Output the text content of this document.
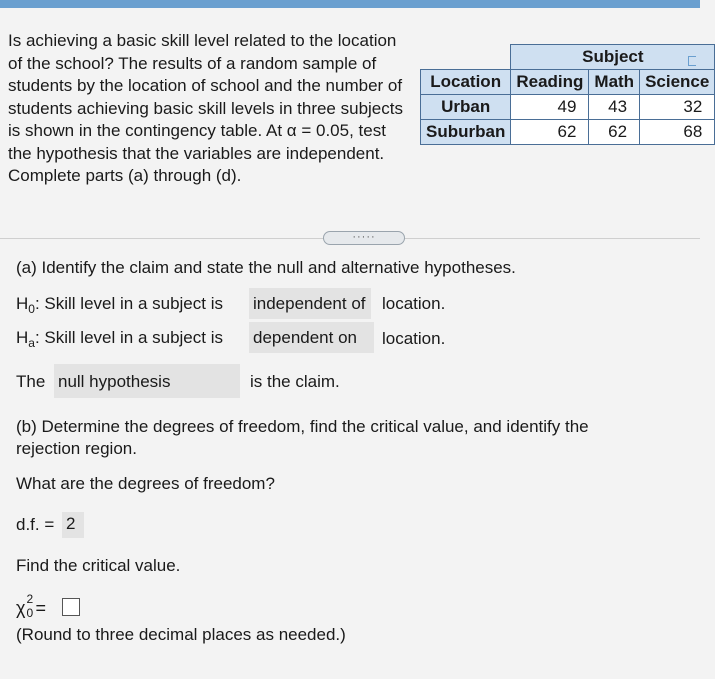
Is achieving a basic skill level related to the location of the school? The results of a random sample of students by the location of school and the number of students achieving basic skill levels in three subjects is shown in the contingency table. At α = 0.05, test the hypothesis that the variables are independent. Complete parts (a) through (d).

	Subject		
Location	Reading	Math	Science
Urban	49	43	32
Suburban	62	62	68
·····

(a) Identify the claim and state the null and alternative hypotheses.

$H_0$: Skill level in a subject is independent of location.

$H_a$: Skill level in a subject is dependent on	location.

The null hypothesis	is the claim.

(b) Determine the degrees of freedom, find the critical value, and identify the rejection region.

What are the degrees of freedom?

d.f. = 2

Find the critical value.

χ 2
0 =

(Round to three decimal places as needed.)
